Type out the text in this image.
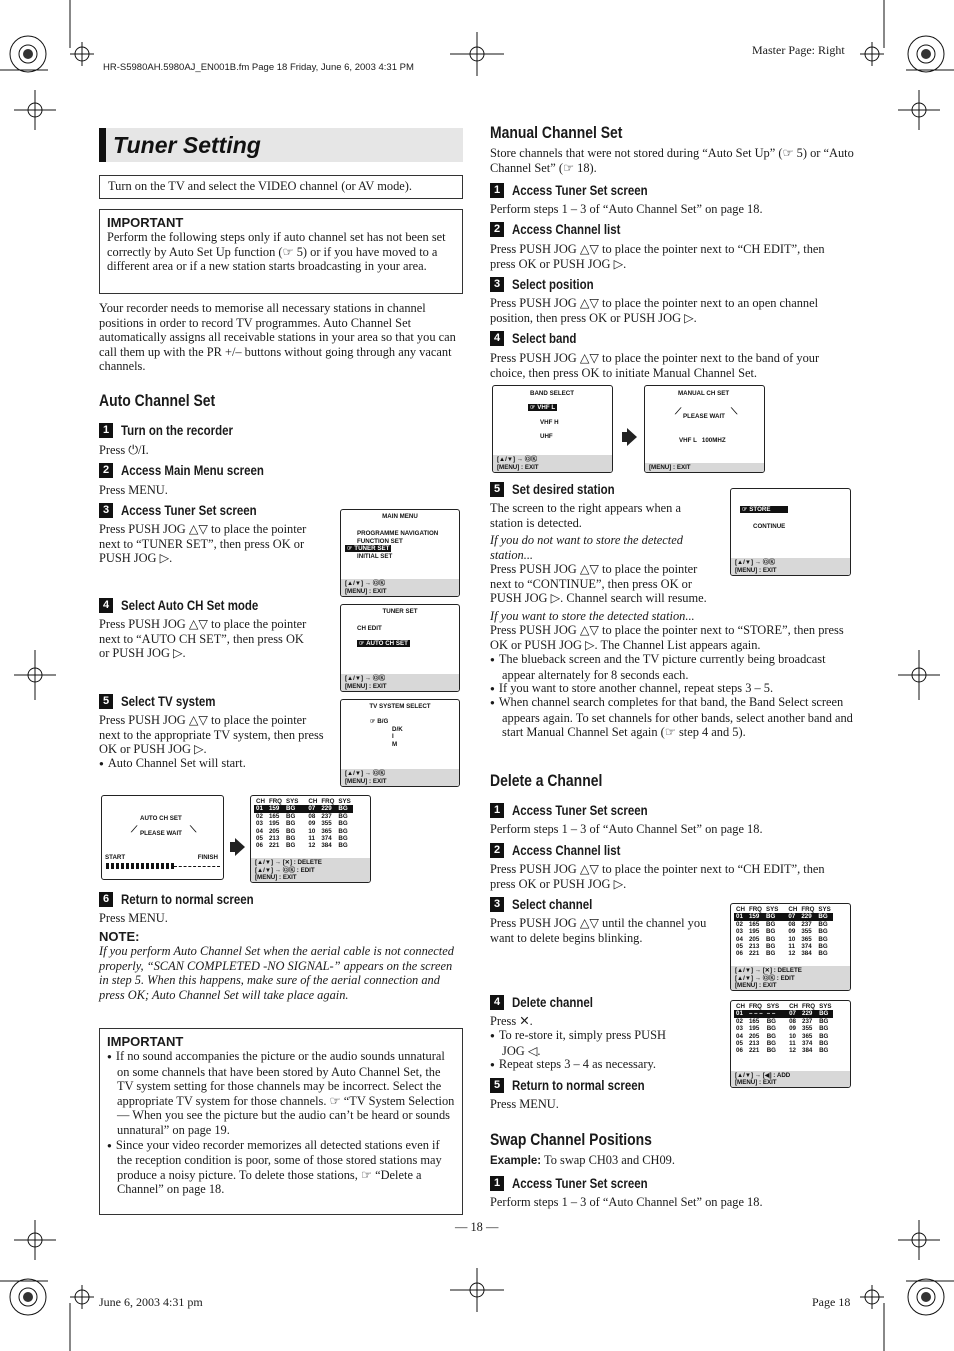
HR-S5980AH.5980AJ_EN001B.fm Page 18 Friday, June 6, 2003 4:31 PM
Master Page: Right
Tuner Setting
Turn on the TV and select the VIDEO channel (or AV mode).
IMPORTANT
Perform the following steps only if auto channel set has not been set correctly by Auto Set Up function (☞ 5) or if you have moved to a different area or if a new station starts broadcasting in your area.
Your recorder needs to memorise all necessary stations in channel positions in order to record TV programmes. Auto Channel Set automatically assigns all receivable stations in your area so that you can call them up with the PR +/– buttons without going through any vacant channels.
Auto Channel Set
1 Turn on the recorder
Press ⏻/I.
2 Access Main Menu screen
Press MENU.
3 Access Tuner Set screen
Press PUSH JOG △▽ to place the pointer next to “TUNER SET”, then press OK or PUSH JOG ▷.
4 Select Auto CH Set mode
Press PUSH JOG △▽ to place the pointer next to “AUTO CH SET”, then press OK or PUSH JOG ▷.
5 Select TV system
Press PUSH JOG △▽ to place the pointer next to the appropriate TV system, then press OK or PUSH JOG ▷.
● Auto Channel Set will start.
MAIN MENU
PROGRAMME NAVIGATION
FUNCTION SET
☞ TUNER SET
INITIAL SET
[▲/▼] → ⓄⓀ
[MENU] : EXIT
TUNER SET
CH EDIT
☞ AUTO CH SET
[▲/▼] → ⓄⓀ
[MENU] : EXIT
TV SYSTEM SELECT
☞ B/G
D/K
I
M
[▲/▼] → ⓄⓀ
[MENU] : EXIT
AUTO CH SET
PLEASE WAIT
⟋	⟍
START	FINISH
CH	FRQ	SYS	CH	FRQ	SYS
01	159	BG	07	229	BG
02	165	BG	08	237	BG
03	195	BG	09	355	BG
04	205	BG	10	365	BG
05	213	BG	11	374	BG
06	221	BG	12	384	BG
[▲/▼] → [✕] : DELETE
[▲/▼] → ⓄⓀ : EDIT
[MENU] : EXIT
6 Return to normal screen
Press MENU.
NOTE:
If you perform Auto Channel Set when the aerial cable is not connected properly, “SCAN COMPLETED -NO SIGNAL-” appears on the screen in step 5. When this happens, make sure of the aerial connection and press OK; Auto Channel Set will take place again.
IMPORTANT
● If no sound accompanies the picture or the audio sounds unnatural on some channels that have been stored by Auto Channel Set, the TV system setting for those channels may be incorrect. Select the appropriate TV system for those channels. ☞ “TV System Selection — When you see the picture but the audio can’t be heard or sounds unnatural” on page 19.
● Since your video recorder memorizes all detected stations even if the reception condition is poor, some of those stored stations may produce a noisy picture. To delete those stations, ☞ “Delete a Channel” on page 18.
Manual Channel Set
Store channels that were not stored during “Auto Set Up” (☞ 5) or “Auto Channel Set” (☞ 18).
1 Access Tuner Set screen
Perform steps 1 – 3 of “Auto Channel Set” on page 18.
2 Access Channel list
Press PUSH JOG △▽ to place the pointer next to “CH EDIT”, then press OK or PUSH JOG ▷.
3 Select position
Press PUSH JOG △▽ to place the pointer next to an open channel position, then press OK or PUSH JOG ▷.
4 Select band
Press PUSH JOG △▽ to place the pointer next to the band of your choice, then press OK to initiate Manual Channel Set.
BAND SELECT
☞ VHF L
VHF H
UHF
[▲/▼] → ⓄⓀ
[MENU] : EXIT
MANUAL CH SET
PLEASE WAIT
⟋	⟍
VHF L   100MHZ
[MENU] : EXIT
5 Set desired station
The screen to the right appears when a station is detected.
If you do not want to store the detected station...
Press PUSH JOG △▽ to place the pointer next to “CONTINUE”, then press OK or PUSH JOG ▷. Channel search will resume.
☞ STORE
CONTINUE
[▲/▼] → ⓄⓀ
[MENU] : EXIT
If you want to store the detected station...
Press PUSH JOG △▽ to place the pointer next to “STORE”, then press OK or PUSH JOG ▷. The Channel List appears again.
● The blueback screen and the TV picture currently being broadcast appear alternately for 8 seconds each.
● If you want to store another channel, repeat steps 3 – 5.
● When channel search completes for that band, the Band Select screen appears again. To set channels for other bands, select another band and start Manual Channel Set again (☞ step 4 and 5).
Delete a Channel
1 Access Tuner Set screen
Perform steps 1 – 3 of “Auto Channel Set” on page 18.
2 Access Channel list
Press PUSH JOG △▽ to place the pointer next to “CH EDIT”, then press OK or PUSH JOG ▷.
3 Select channel
Press PUSH JOG △▽ until the channel you want to delete begins blinking.
CH	FRQ	SYS	CH	FRQ	SYS
01	159	BG	07	229	BG
02	165	BG	08	237	BG
03	195	BG	09	355	BG
04	205	BG	10	365	BG
05	213	BG	11	374	BG
06	221	BG	12	384	BG
[▲/▼] → [✕] : DELETE
[▲/▼] → ⓄⓀ : EDIT
[MENU] : EXIT
4 Delete channel
Press ✕.
● To re-store it, simply press PUSH JOG ◁.
● Repeat steps 3 – 4 as necessary.
CH	FRQ	SYS	CH	FRQ	SYS
01	– – –	– –	07	229	BG
02	165	BG	08	237	BG
03	195	BG	09	355	BG
04	205	BG	10	365	BG
05	213	BG	11	374	BG
06	221	BG	12	384	BG
[▲/▼] → [◀] : ADD
[MENU] : EXIT
5 Return to normal screen
Press MENU.
Swap Channel Positions
Example: To swap CH03 and CH09.
1 Access Tuner Set screen
Perform steps 1 – 3 of “Auto Channel Set” on page 18.
— 18 —
June 6, 2003 4:31 pm	Page 18
